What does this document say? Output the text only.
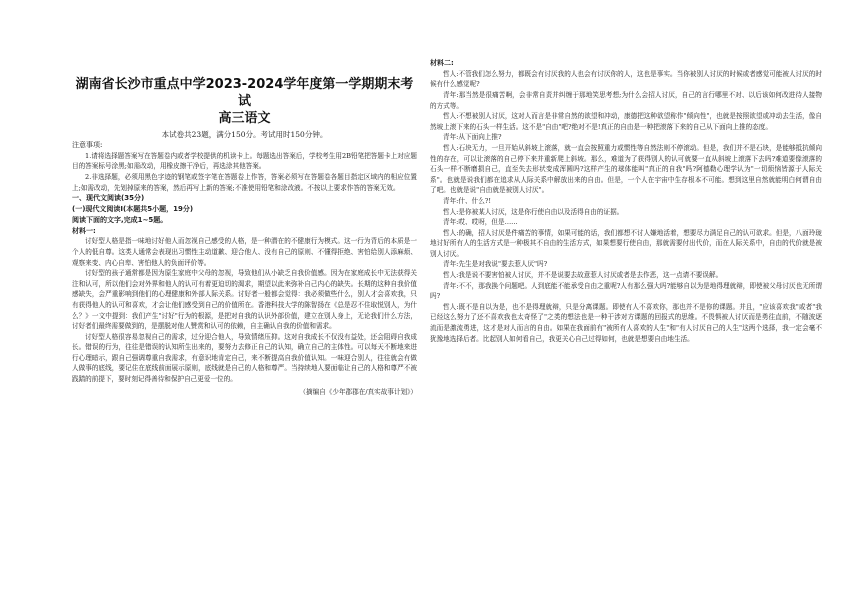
湖南省长沙市重点中学2023-2024学年度第一学期期末考试
高三语文
本试卷共23题，满分150分。考试用时150分钟。

注意事项:

1.请将选择题答案写在答题卷内或者学校提供的机读卡上。每题选出答案后，学校考生用2B铅笔把答题卡上对应题目的答案标号涂黑;如需改动，用橡皮擦干净后，再选涂其他答案。

2.非选择题，必须用黑色字迹的钢笔或签字笔在答题卷上作答，答案必须写在答题卷各题目指定区域内的相应位置上;如需改动，先划掉原来的答案，然后再写上新的答案;不准使用铅笔和涂改液。不按以上要求作答的答案无效。

一、现代文阅读(35分)

(一)现代文阅读Ⅰ(本题共5小题，19分)

阅读下面的文字,完成1~5题。

材料一:

讨好型人格是指一味地讨好他人而忽视自己感受的人格，是一种潜在的不健康行为模式。这一行为背后的本质是一个人的低自尊。这类人通常会表现出习惯性主动道歉、迎合他人、没有自己的原则、不懂得拒绝、害怕给别人添麻烦、观察来变、内心自卑、害怕他人的负面评价等。

讨好型的孩子通常都是因为原生家庭中父母的忽视，导致他们从小缺乏自我价值感。因为在家庭成长中无法获得关注和认可，所以他们会对外界和他人的认可有着更迫切的渴求，期望以此来弥补自己内心的缺失。长期的这种自我价值感缺失，会严重影响到他们的心理健康和外部人际关系。讨好者一般都会觉得：我必须做些什么，别人才会喜欢我，只有获得他人的认可和喜欢，才会让他们感受到自己的价值所在。香港科技大学的陈智扬在《总是忍不住取悦别人，为什么？》一文中提到：我们产生"讨好"行为的根源，是把对自我的认识外部价值，建立在别人身上，无论我们什么方法，讨好者们最终需要做到的，是摆脱对他人赞赏和认可的依赖，自主确认自我的价值和需求。

讨好型人格很容易忽视自己的需求，过分迎合他人，导致情绪压抑。这对自我成长不仅没有益处，还会阻碍自我成长。错误的行为，往往是错误的认知所生出来的，要努力去修正自己的认知，确立自己的主体性。可以每天不断地来进行心理暗示，跟自己强调尊重自我需求，有意识地肯定自己，来不断提高自我价值认知。一味迎合别人，往往就会有做人做事的底线，要记住在底线前面展示原则，底线就是自己的人格和尊严。当持续地人要面临让自己的人格和尊严不被践踏的前提下，要时刻记得善待和保护自己更爱一位的。

（摘编自《少年郡郡在/真实故事计划》）

材料二:

哲人:不管我们怎么努力，都既会有讨厌我的人也会有讨厌你的人，这也是事实。当你被别人讨厌的时候或者感觉可能被人讨厌的时候有什么感觉呢?

青年:那当然是很痛苦啊，会非常自责并纠缠于那地笑思考想;为什么会招人讨厌，自己的言行哪里不对、以后该如何改进待人接物的方式等。

哲人:不想被别人讨厌，这对人而言是非常自然的欲望和冲动，康德把这种欲望称作"倾向性"，也就是按照欲望或冲动去生活，像自然坡上滚下来的石头一样生活。这不是"自由"吧?绝对不是!真正的自由是一种把滚落下来的自己从下面向上推的态度。

青年:从下面向上推?

哲人:石块无力，一旦开始从斜坡上滚落，就一直会按照重力或惯性等自然法则不停滚动。但是，我们并不是石块，是能够抵抗倾向性的存在，可以让滚落的自己停下来并重新爬上斜坡。那么，难道为了获得别人的认可就要一直从斜坡上滚落下去吗?难道要像滚落的石头一样不断磨损自己，直至失去形状变成浑圆吗?这样产生的球体能叫"真正的自我"吗?阿德勒心理学认为"一切烦恼皆源于人际关系"。也就是说我们都在追求从人际关系中解放出来的自由。但是，一个人在宇宙中生存根本不可能。想到这里自然就能明白何谓自由了吧。也就是说"自由就是被别人讨厌"。

青年:什、什么?!

哲人:是你被某人讨厌，这是你行使自由以及活得自由的证据。

青年:哎、哎呀，但是……

哲人:的确，招人讨厌是件痛苦的事情，如果可能的话，我们都想不讨人嫌地活着，想要尽力满足自己的认可欲求。但是，八面玲珑地讨好所有人的生活方式是一种极其不自由的生活方式，如果想要行使自由，那就需要付出代价，而在人际关系中，自由的代价就是被别人讨厌。

青年:先生是对我说"要去惹人厌"吗?

哲人:我是说不要害怕被人讨厌，并不是说要去故意惹人讨厌或者是去作恶，这一点请不要误解。

青年:不不，那我换个问题吧。人到底能不能承受自由之重呢?人有那么强大吗?能够自以为是地得理就辩，即使被父母讨厌也无所谓吗?

哲人:既不是自以为是，也不是得理就辩，只是分离课题。即使有人不喜欢你，那也并不是你的课题。并且，"应该喜欢我"或者"我已经这么努力了还不喜欢我也太奇怪了"之类的想法也是一种干涉对方课题的回报式的思维。不畏惧被人讨厌而是勇往直前，不随波逐流而是激流勇进，这才是对人而言的自由。如果在我面前有"被所有人喜欢的人生"和"有人讨厌自己的人生"这两个选择，我一定会毫不犹豫地选择后者。比起别人如何看自己，我更关心自己过得如何，也就是想要自由地生活。
